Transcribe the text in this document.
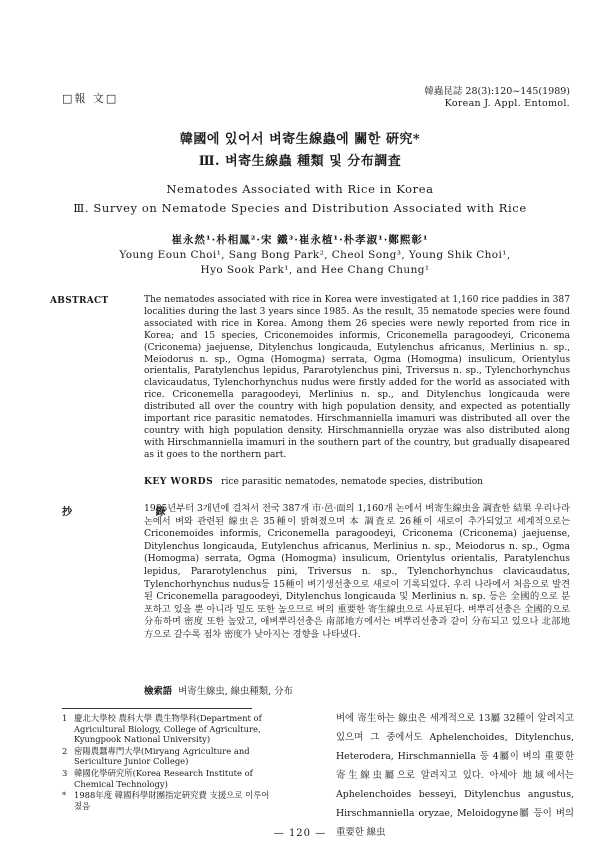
□報 文□
韓蟲昆誌 28(3):120~145(1989)
Korean J. Appl. Entomol.
韓國에 있어서 벼寄生線蟲에 關한 硏究*
Ⅲ. 벼寄生線蟲 種類 및 分布調査
Nematodes Associated with Rice in Korea
Ⅲ. Survey on Nematode Species and Distribution Associated with Rice
崔永然¹·朴相鳳²·宋 鐵³·崔永植¹·朴孝淑¹·鄭熙彰¹
Young Eoun Choi¹, Sang Bong Park², Cheol Song³, Young Shik Choi¹,
Hyo Sook Park¹, and Hee Chang Chung¹
ABSTRACT	The nematodes associated with rice in Korea were investigated at 1,160 rice paddies in 387 localities during the last 3 years since 1985. As the result, 35 nematode species were found associated with rice in Korea. Among them 26 species were newly reported from rice in Korea; and 15 species, Criconemoides informis, Criconemella paragoodeyi, Criconema (Criconema) jaejuense, Ditylenchus longicauda, Eutylenchus africanus, Merlinius n. sp., Meiodorus n. sp., Ogma (Homogma) serrata, Ogma (Homogma) insulicum, Orientylus orientalis, Paratylenchus lepidus, Pararotylenchus pini, Triversus n. sp., Tylenchorhynchus clavicaudatus, Tylenchorhynchus nudus were firstly added for the world as associated with rice. Criconemella paragoodeyi, Merlinius n. sp., and Ditylenchus longicauda were distributed all over the country with high population density, and expected as potentially important rice parasitic nematodes. Hirschmanniella imamuri was distributed all over the country with high population density. Hirschmanniella oryzae was also distributed along with Hirschmanniella imamuri in the southern part of the country, but gradually disapeared as it goes to the northern part.
KEY WORDS rice parasitic nematodes, nematode species, distribution
抄 錄
1985년부터 3개년에 걸쳐서 전국 387개 市·邑·面의 1,160개 논에서 벼寄生線虫을 調査한 結果 우리나라 논에서 벼와 관련된 線虫은 35種이 밝혀졌으며 本 調査로 26種이 새로이 추가되었고 세계적으로는 Criconemoides informis, Criconemella paragoodeyi, Criconema (Criconema) jaejuense, Ditylenchus longicauda, Eutylenchus africanus, Merlinius n. sp., Meiodorus n. sp., Ogma (Homogma) serrata, Ogma (Homogma) insulicum, Orientylus orientalis, Paratylenchus lepidus, Pararotylenchus pini, Triversus n. sp., Tylenchorhynchus clavicaudatus, Tylenchorhynchus nudus등 15種이 벼기생선충으로 새로이 기록되었다. 우리 나라에서 처음으로 발견된 Criconemella paragoodeyi, Ditylenchus longicauda 및 Merlinius n. sp. 등은 全國的으로 분포하고 있을 뿐 아니라 밀도 또한 높으므로 벼의 重要한 寄生線虫으로 사료된다. 벼뿌리선충은 全國的으로 分布하며 密度 또한 높았고, 애벼뿌리선충은 南部地方에서는 벼뿌리선충과 같이 分布되고 있으나 北部地方으로 갈수록 점차 密度가 낮아지는 경향을 나타냈다.
檢索語 벼寄生線虫, 線虫種類, 分布
1 慶北大學校 農科大學 農生物學科(Department of Agricultural Biology, College of Agriculture, Kyungpook National University)
2 密陽農蠶專門大學(Miryang Agriculture and Sericulture Junior College)
3 韓國化學硏究所(Korea Research Institute of Chemical Technology)
* 1988年度 韓國科學財團指定硏究費 支援으로 이루어졌음
벼에 寄生하는 線虫은 세계적으로 13屬 32種이 알려지고 있으며 그 중에서도 Aphelenchoides, Ditylenchus, Heterodera, Hirschmanniella 등 4屬이 벼의 重要한 寄生線虫屬으로 알려지고 있다. 아세아 地域에서는 Aphelenchoides besseyi, Ditylenchus angustus, Hirschmanniella oryzae, Meloidogyne屬 등이 벼의 重要한 線虫
— 120 —
